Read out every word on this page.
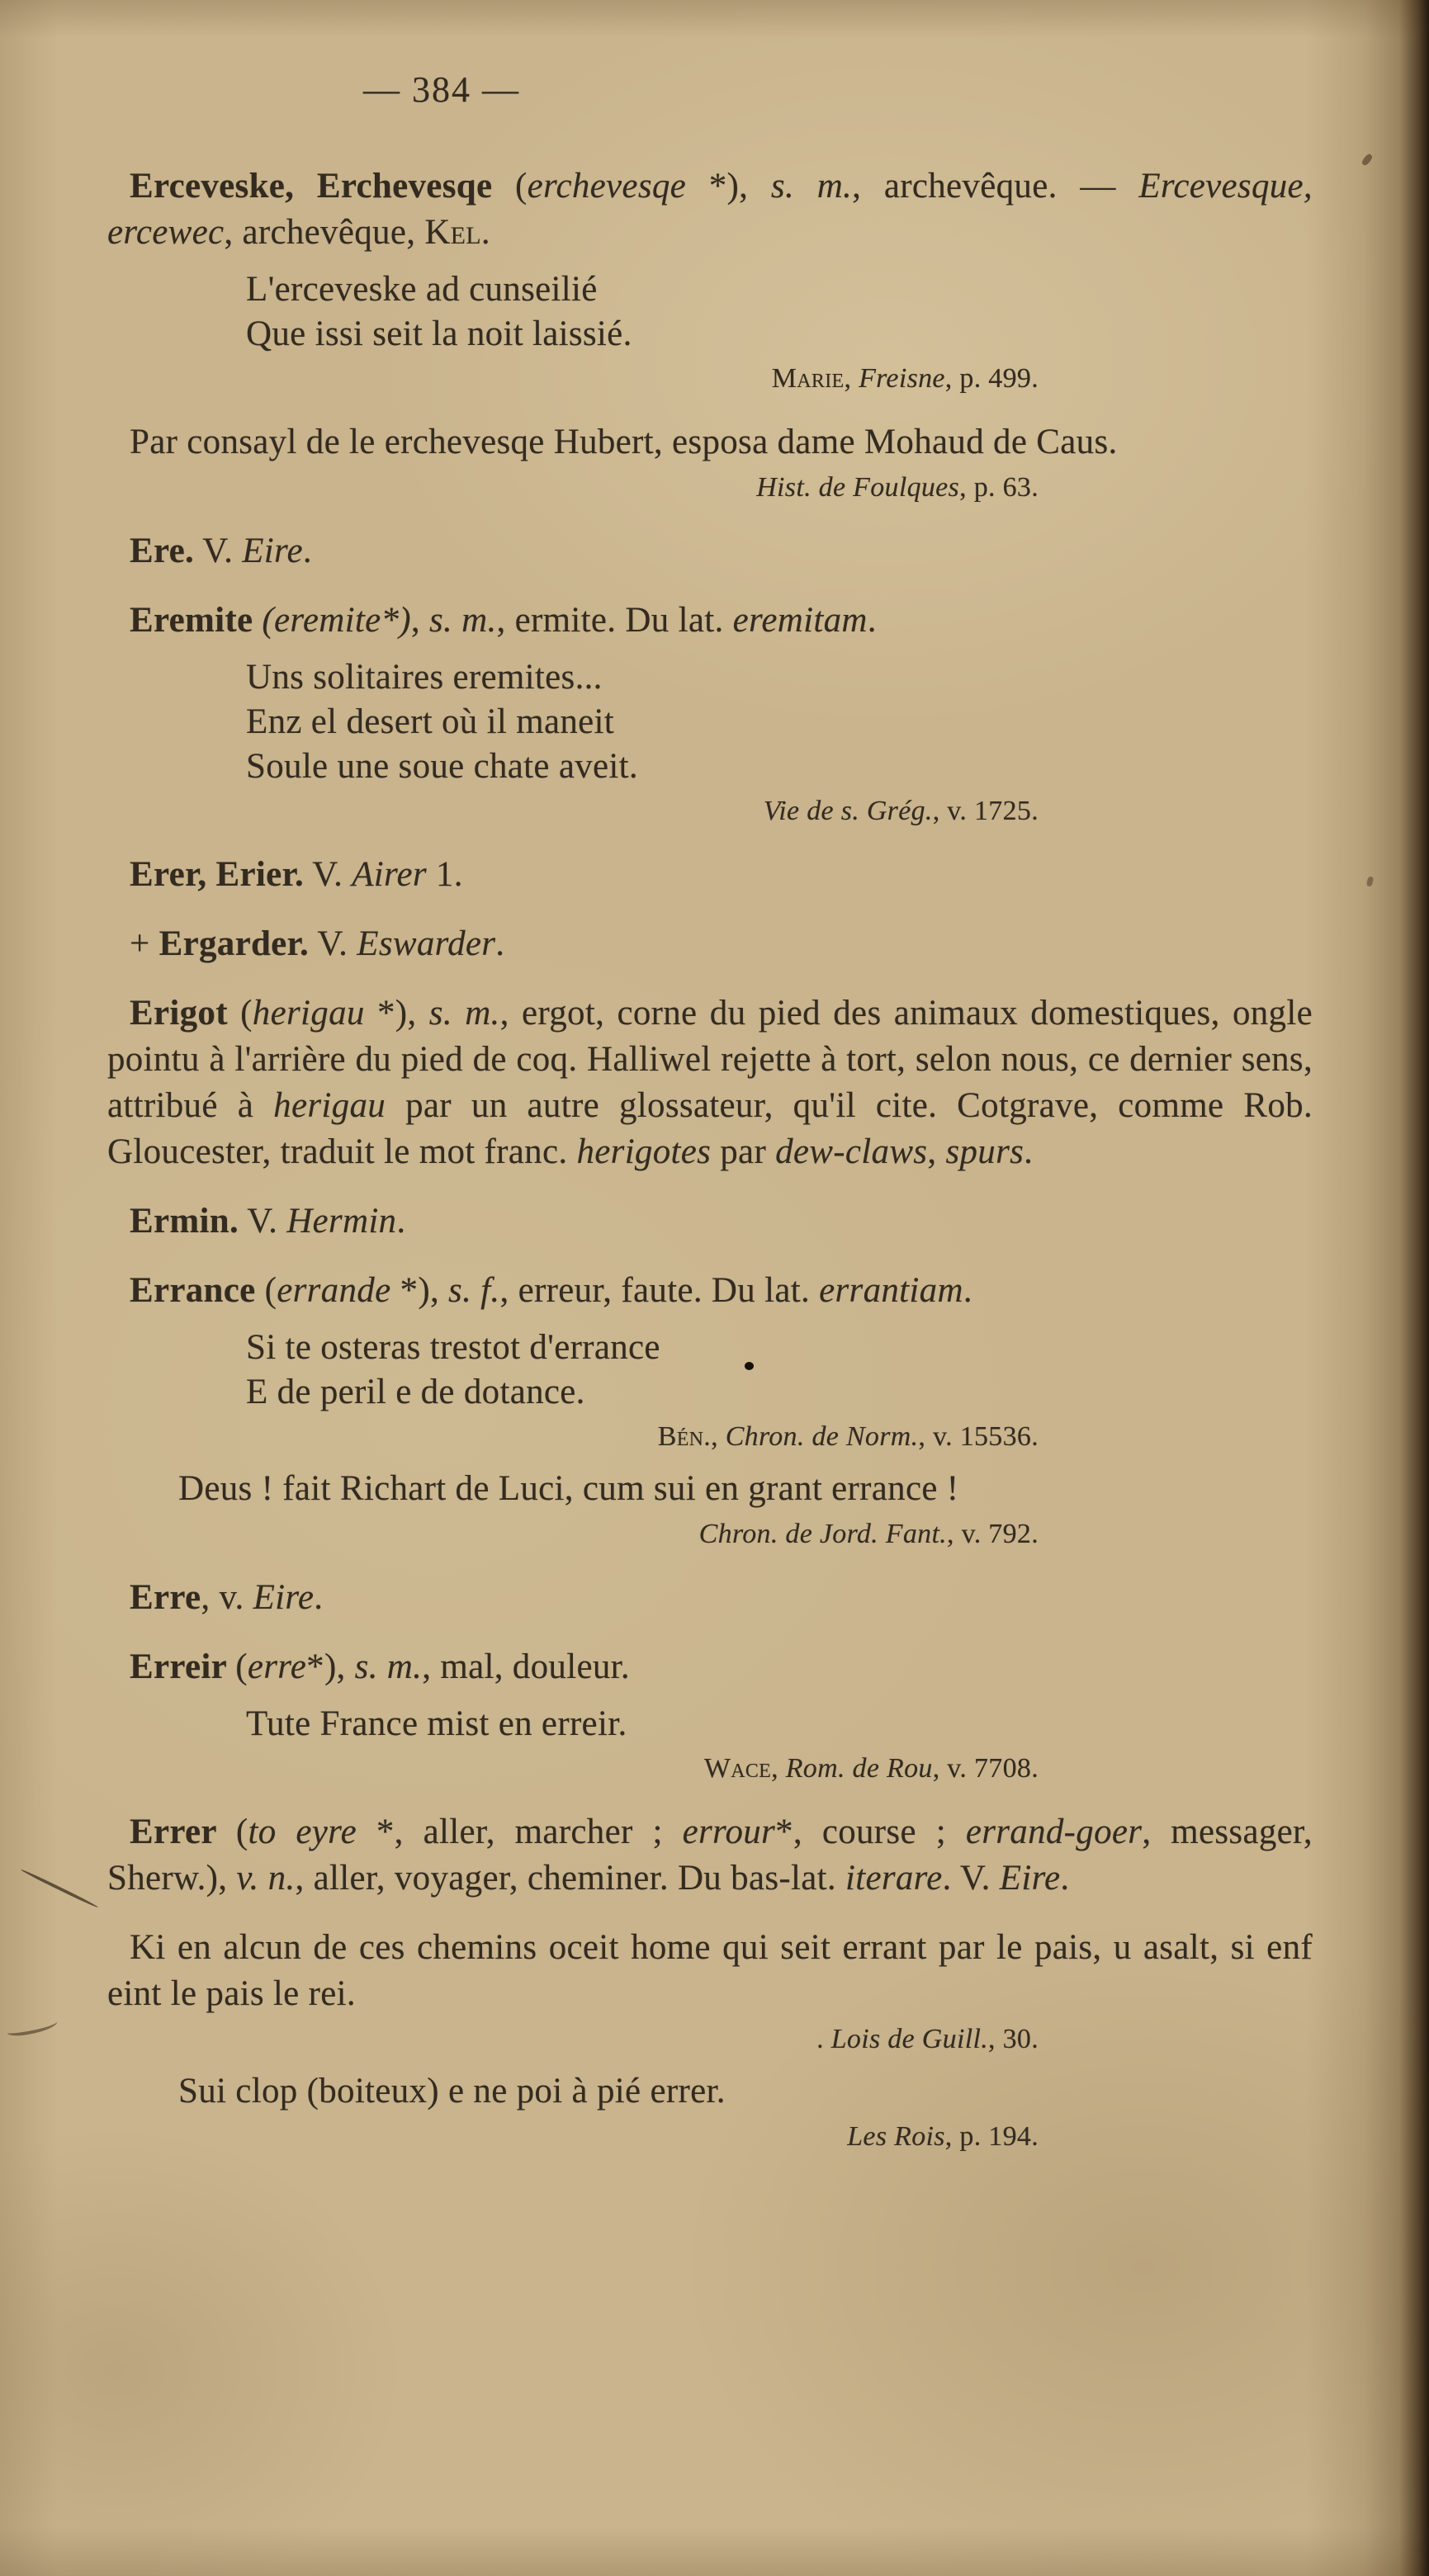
— 384 —

Erceveske, Erchevesqe (erchevesqe *), s. m., archevêque. — Ercevesque, ercewec, archevêque, Kel.

L'erceveske ad cunseilié

Que issi seit la noit laissié.

Marie, Freisne, p. 499.

Par consayl de le erchevesqe Hubert, esposa dame Mohaud de Caus.

Hist. de Foulques, p. 63.

Ere. V. Eire.

Eremite (eremite*), s. m., ermite. Du lat. eremitam.

Uns solitaires eremites...

Enz el desert où il maneit

Soule une soue chate aveit.

Vie de s. Grég., v. 1725.

Erer, Erier. V. Airer 1.

+ Ergarder. V. Eswarder.

Erigot (herigau *), s. m., ergot, corne du pied des animaux domestiques, ongle pointu à l'arrière du pied de coq. Halliwel rejette à tort, selon nous, ce dernier sens, attribué à herigau par un autre glossateur, qu'il cite. Cotgrave, comme Rob. Gloucester, traduit le mot franc. herigotes par dew-claws, spurs.

Ermin. V. Hermin.

Errance (errande *), s. f., erreur, faute. Du lat. errantiam.

Si te osteras trestot d'errance

E de peril e de dotance.

Bén., Chron. de Norm., v. 15536.

Deus ! fait Richart de Luci, cum sui en grant errance !

Chron. de Jord. Fant., v. 792.

Erre, v. Eire.

Erreir (erre*), s. m., mal, douleur.

Tute France mist en erreir.

Wace, Rom. de Rou, v. 7708.

Errer (to eyre *, aller, marcher ; errour*, course ; errand-goer, messager, Sherw.), v. n., aller, voyager, cheminer. Du bas-lat. iterare. V. Eire.

Ki en alcun de ces chemins oceit home qui seit errant par le pais, u asalt, si enf eint le pais le rei.

. Lois de Guill., 30.

Sui clop (boiteux) e ne poi à pié errer.

Les Rois, p. 194.
